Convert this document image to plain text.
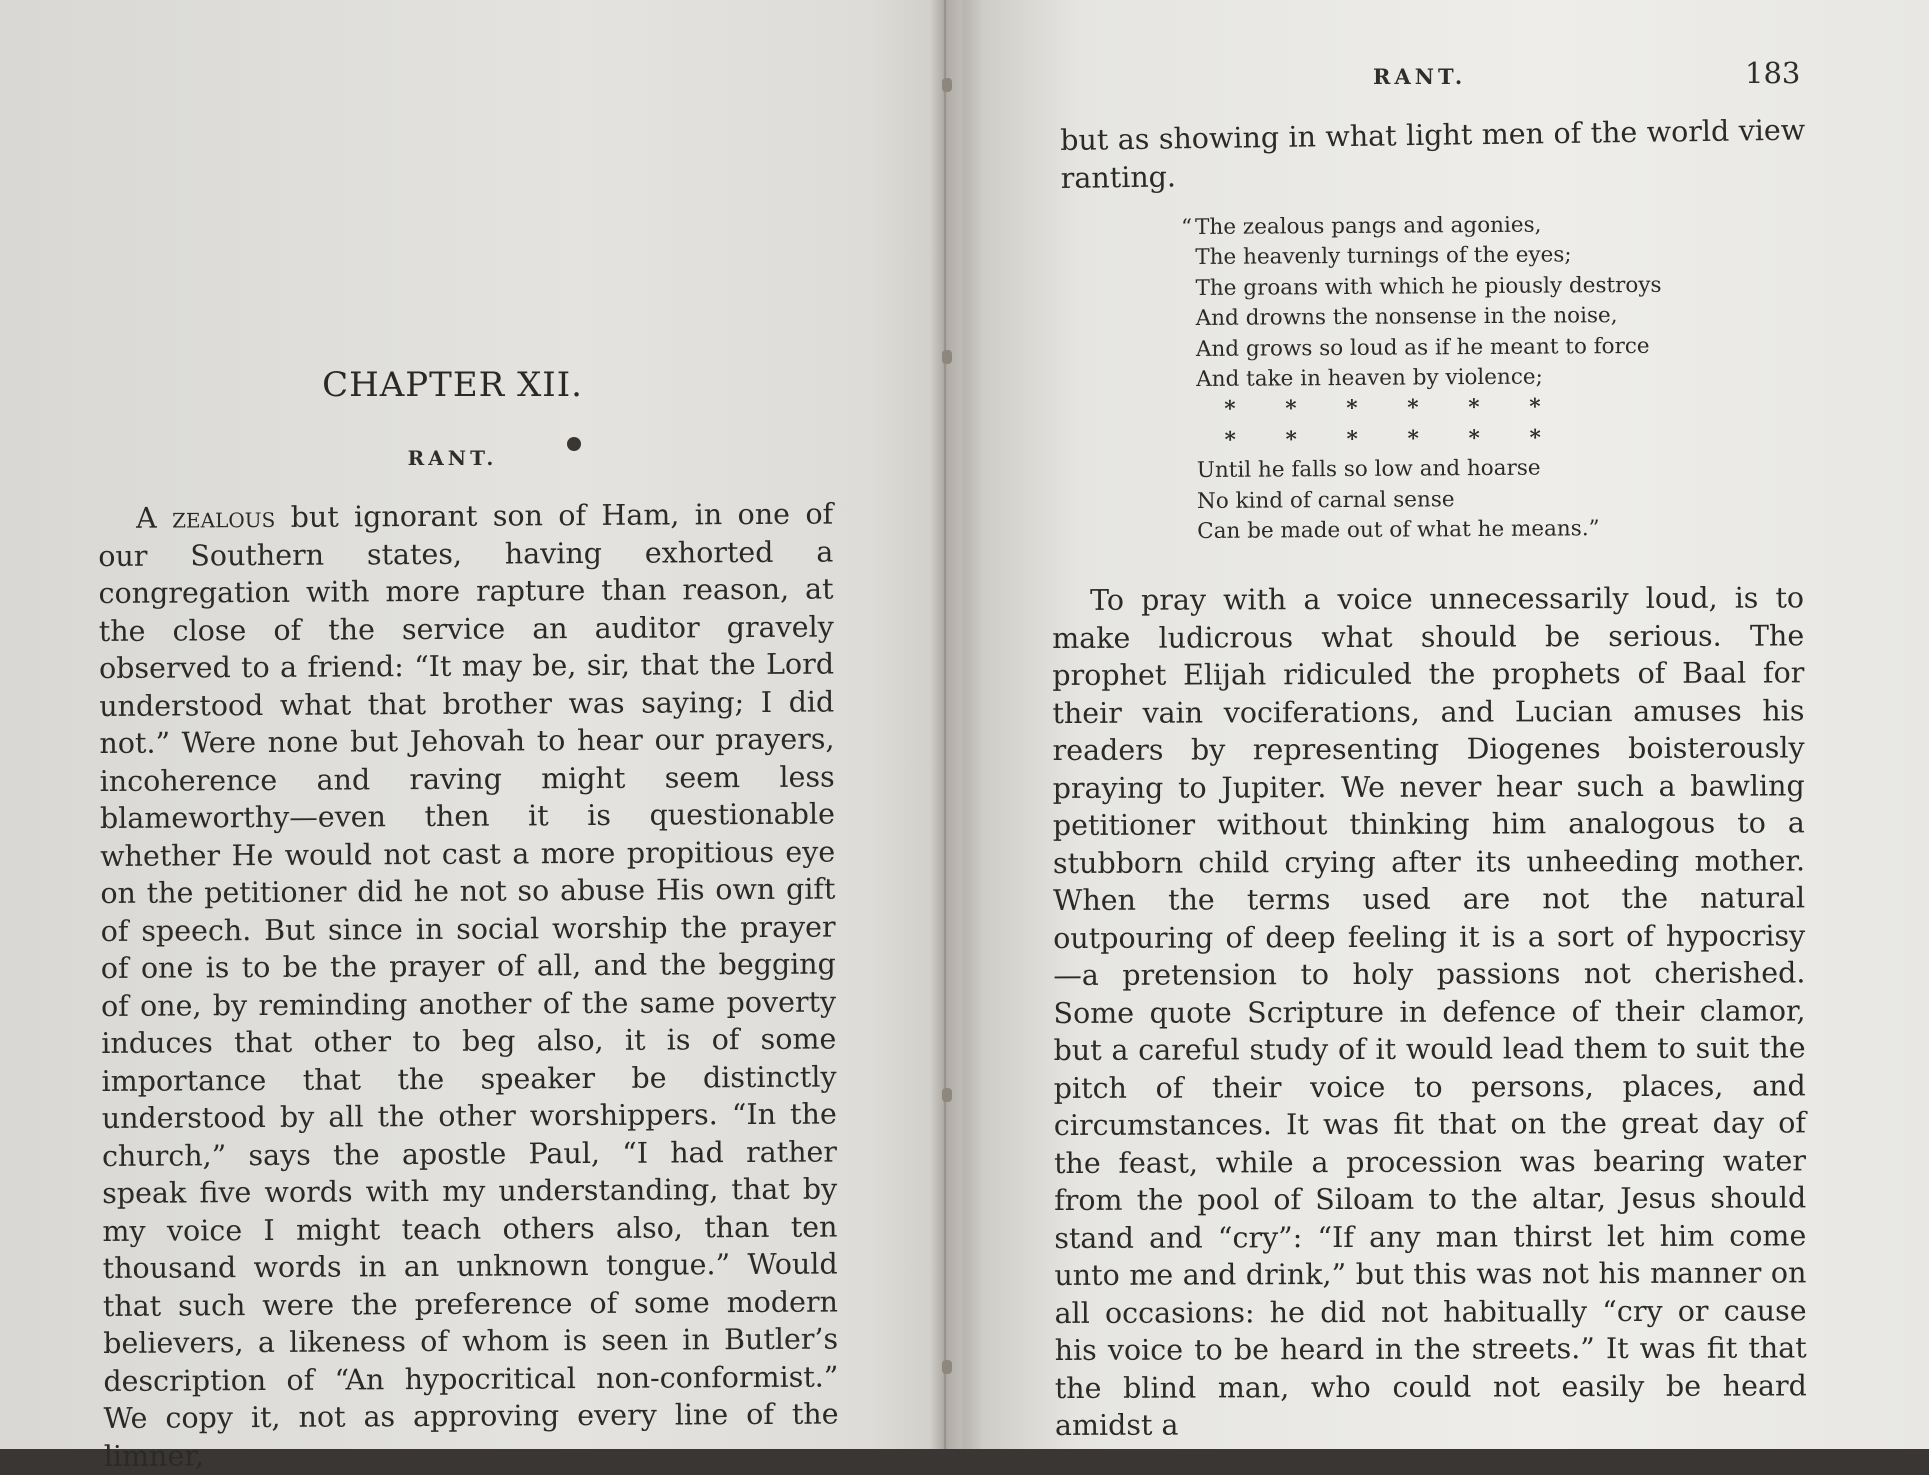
CHAPTER XII.
RANT.

A zealous but ignorant son of Ham, in one of our Southern states, having exhorted a congregation with more rapture than reason, at the close of the service an auditor gravely observed to a friend: “It may be, sir, that the Lord understood what that brother was saying; I did not.” Were none but Jehovah to hear our prayers, incoherence and raving might seem less blameworthy—even then it is questionable whether He would not cast a more propitious eye on the petitioner did he not so abuse His own gift of speech. But since in social worship the prayer of one is to be the prayer of all, and the begging of one, by reminding another of the same poverty induces that other to beg also, it is of some importance that the speaker be distinctly understood by all the other worshippers. “In the church,” says the apostle Paul, “I had rather speak five words with my understanding, that by my voice I might teach others also, than ten thousand words in an unknown tongue.” Would that such were the preference of some modern believers, a likeness of whom is seen in Butler’s description of “An hypocritical non-conformist.” We copy it, not as approving every line of the limner,

RANT.	183

but as showing in what light men of the world view ranting.

“ The zealous pangs and agonies,
The heavenly turnings of the eyes;
The groans with which he piously destroys
And drowns the nonsense in the noise,
And grows so loud as if he meant to force
And take in heaven by violence;
* * * * * *
* * * * * *
Until he falls so low and hoarse
No kind of carnal sense
Can be made out of what he means.”

To pray with a voice unnecessarily loud, is to make ludicrous what should be serious. The prophet Elijah ridiculed the prophets of Baal for their vain vociferations, and Lucian amuses his readers by representing Diogenes boisterously praying to Jupiter. We never hear such a bawling petitioner without thinking him analogous to a stubborn child crying after its unheeding mother. When the terms used are not the natural outpouring of deep feeling it is a sort of hypocrisy—a pretension to holy passions not cherished. Some quote Scripture in defence of their clamor, but a careful study of it would lead them to suit the pitch of their voice to persons, places, and circumstances. It was fit that on the great day of the feast, while a procession was bearing water from the pool of Siloam to the altar, Jesus should stand and “cry”: “If any man thirst let him come unto me and drink,” but this was not his manner on all occasions: he did not habitually “cry or cause his voice to be heard in the streets.” It was fit that the blind man, who could not easily be heard amidst a
